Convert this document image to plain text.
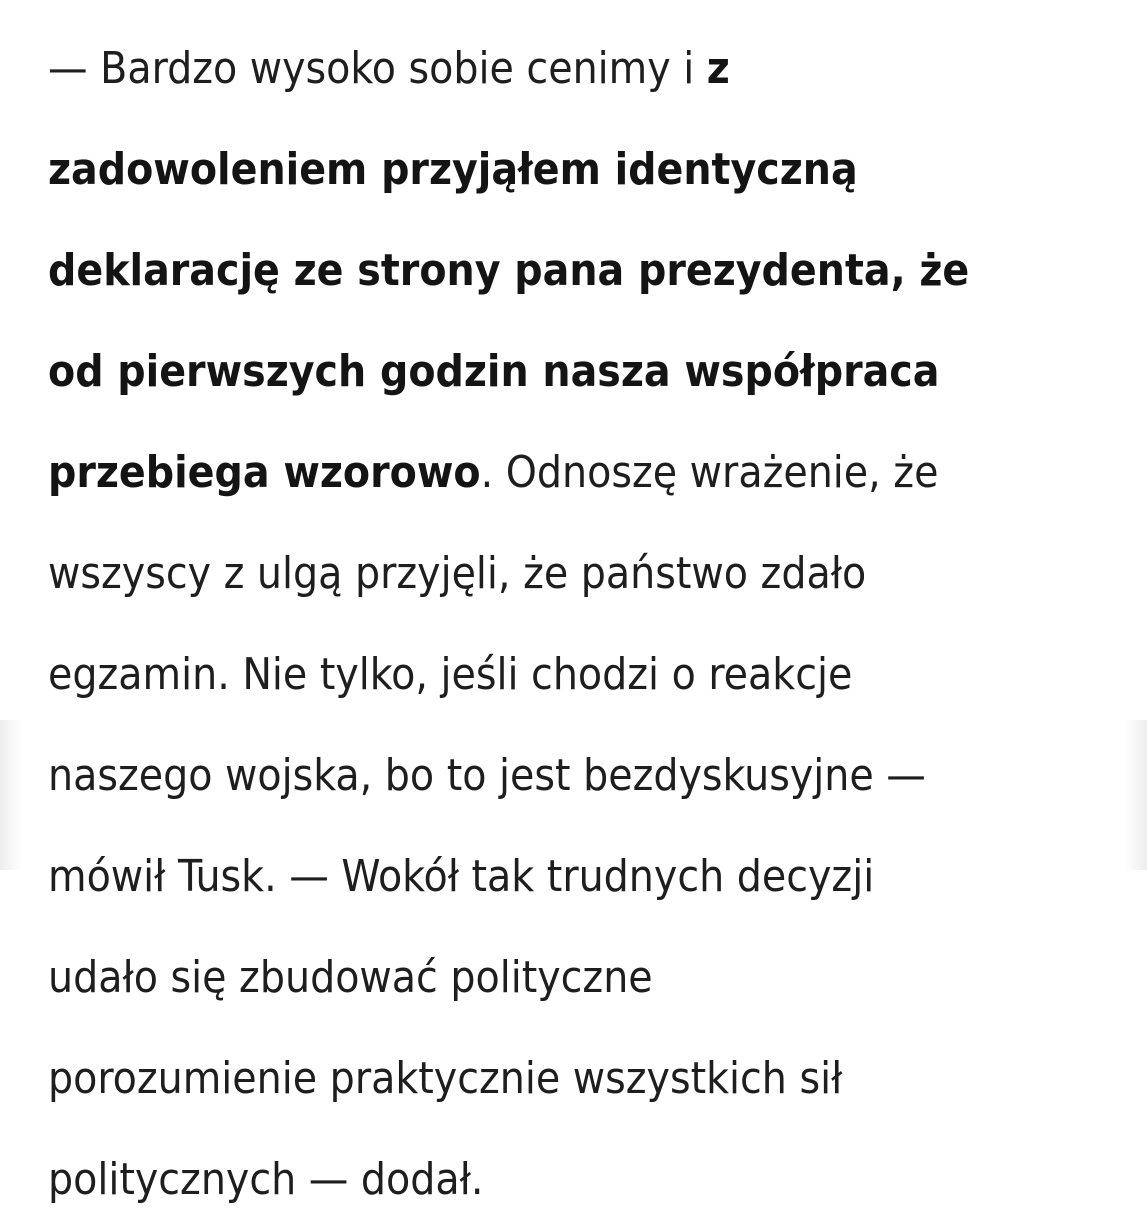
— Bardzo wysoko sobie cenimy i z
zadowoleniem przyjąłem identyczną
deklarację ze strony pana prezydenta, że
od pierwszych godzin nasza współpraca
przebiega wzorowo. Odnoszę wrażenie, że
wszyscy z ulgą przyjęli, że państwo zdało
egzamin. Nie tylko, jeśli chodzi o reakcje
naszego wojska, bo to jest bezdyskusyjne —
mówił Tusk. — Wokół tak trudnych decyzji
udało się zbudować polityczne
porozumienie praktycznie wszystkich sił
politycznych — dodał.
